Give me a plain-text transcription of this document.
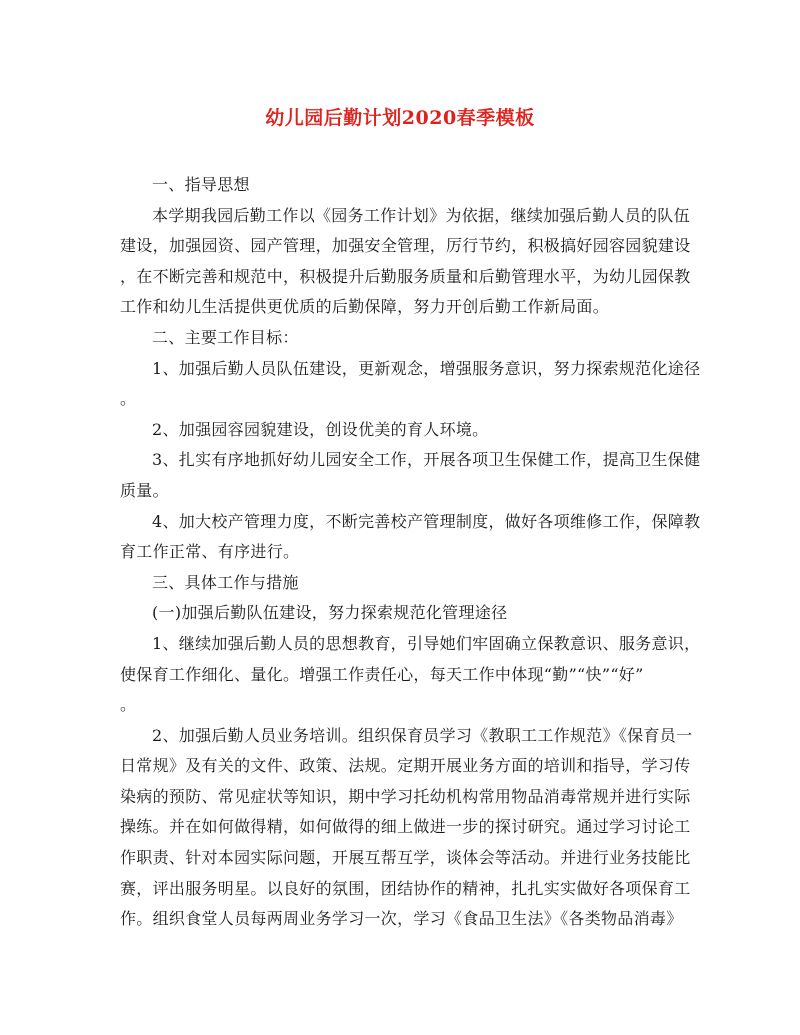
幼儿园后勤计划2020春季模板
一、指导思想
本学期我园后勤工作以《园务工作计划》为依据，继续加强后勤人员的队伍
建设，加强园资、园产管理，加强安全管理，厉行节约，积极搞好园容园貌建设
，在不断完善和规范中，积极提升后勤服务质量和后勤管理水平，为幼儿园保教
工作和幼儿生活提供更优质的后勤保障，努力开创后勤工作新局面。
二、主要工作目标：
1、加强后勤人员队伍建设，更新观念，增强服务意识，努力探索规范化途径
。
2、加强园容园貌建设，创设优美的育人环境。
3、扎实有序地抓好幼儿园安全工作，开展各项卫生保健工作，提高卫生保健
质量。
4、加大校产管理力度，不断完善校产管理制度，做好各项维修工作，保障教
育工作正常、有序进行。
三、具体工作与措施
(一)加强后勤队伍建设，努力探索规范化管理途径
1、继续加强后勤人员的思想教育，引导她们牢固确立保教意识、服务意识，
使保育工作细化、量化。增强工作责任心，每天工作中体现“勤”“快”“好”
。
2、加强后勤人员业务培训。组织保育员学习《教职工工作规范》《保育员一
日常规》及有关的文件、政策、法规。定期开展业务方面的培训和指导，学习传
染病的预防、常见症状等知识，期中学习托幼机构常用物品消毒常规并进行实际
操练。并在如何做得精，如何做得的细上做进一步的探讨研究。通过学习讨论工
作职责、针对本园实际问题，开展互帮互学，谈体会等活动。并进行业务技能比
赛，评出服务明星。以良好的氛围，团结协作的精神，扎扎实实做好各项保育工
作。组织食堂人员每两周业务学习一次，学习《食品卫生法》《各类物品消毒》
